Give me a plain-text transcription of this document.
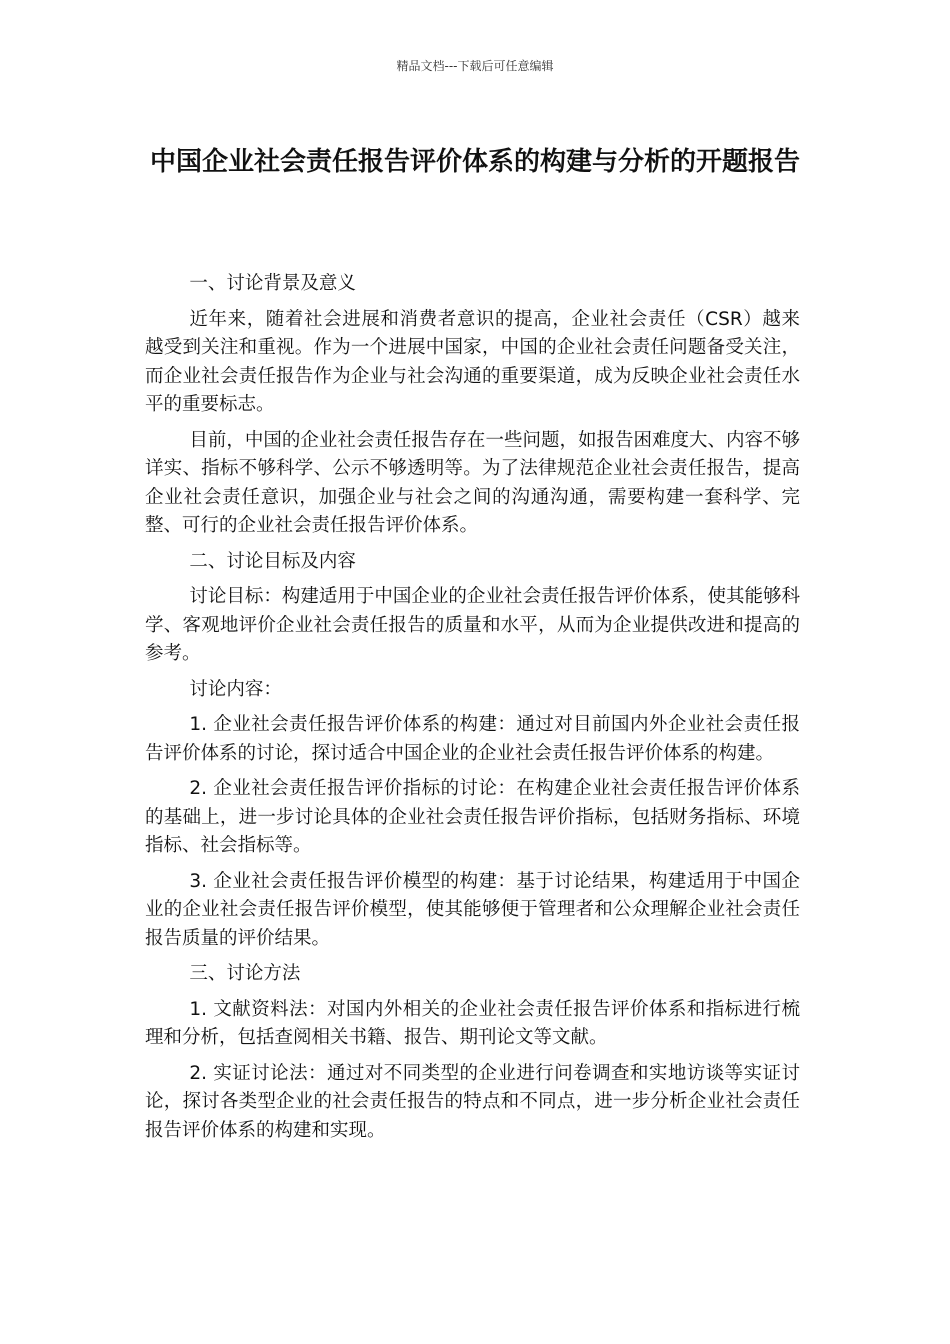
精品文档---下载后可任意编辑
中国企业社会责任报告评价体系的构建与分析的开题报告

一、讨论背景及意义

近年来，随着社会进展和消费者意识的提高，企业社会责任（CSR）越来越受到关注和重视。作为一个进展中国家，中国的企业社会责任问题备受关注，而企业社会责任报告作为企业与社会沟通的重要渠道，成为反映企业社会责任水平的重要标志。

目前，中国的企业社会责任报告存在一些问题，如报告困难度大、内容不够详实、指标不够科学、公示不够透明等。为了法律规范企业社会责任报告，提高企业社会责任意识，加强企业与社会之间的沟通沟通，需要构建一套科学、完整、可行的企业社会责任报告评价体系。

二、讨论目标及内容

讨论目标：构建适用于中国企业的企业社会责任报告评价体系，使其能够科学、客观地评价企业社会责任报告的质量和水平，从而为企业提供改进和提高的参考。

讨论内容：

1. 企业社会责任报告评价体系的构建：通过对目前国内外企业社会责任报告评价体系的讨论，探讨适合中国企业的企业社会责任报告评价体系的构建。

2. 企业社会责任报告评价指标的讨论：在构建企业社会责任报告评价体系的基础上，进一步讨论具体的企业社会责任报告评价指标，包括财务指标、环境指标、社会指标等。

3. 企业社会责任报告评价模型的构建：基于讨论结果，构建适用于中国企业的企业社会责任报告评价模型，使其能够便于管理者和公众理解企业社会责任报告质量的评价结果。

三、讨论方法

1. 文献资料法：对国内外相关的企业社会责任报告评价体系和指标进行梳理和分析，包括查阅相关书籍、报告、期刊论文等文献。

2. 实证讨论法：通过对不同类型的企业进行问卷调查和实地访谈等实证讨论，探讨各类型企业的社会责任报告的特点和不同点，进一步分析企业社会责任报告评价体系的构建和实现。
